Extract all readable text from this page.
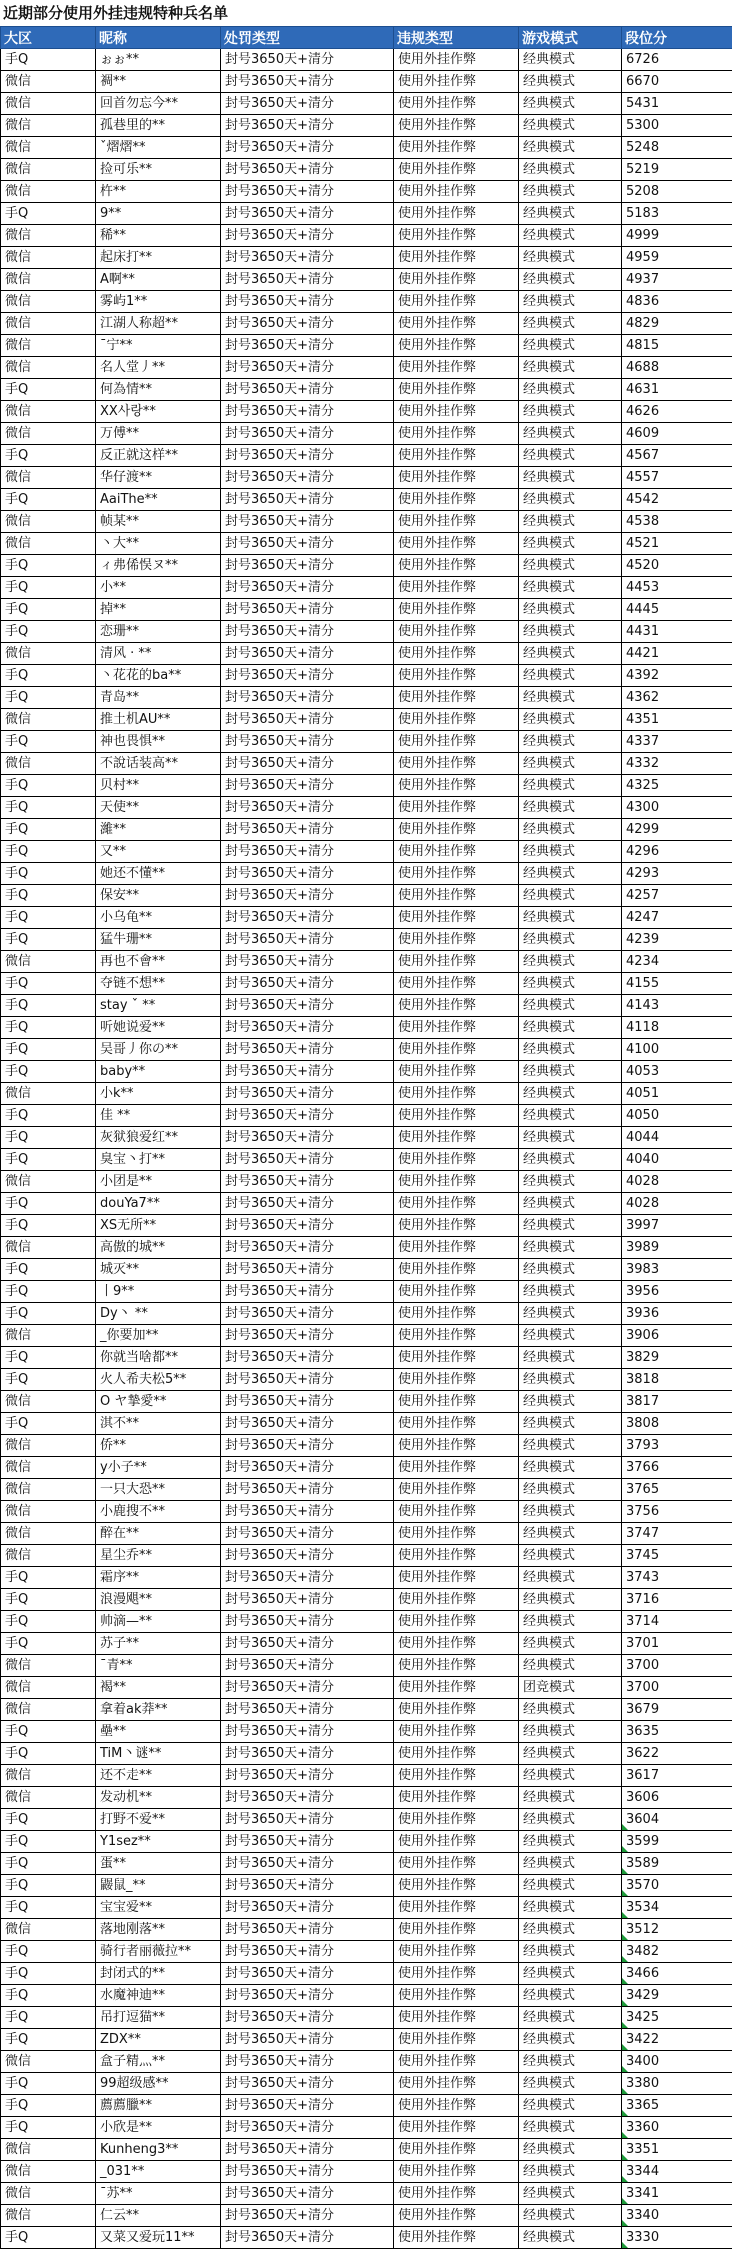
近期部分使用外挂违规特种兵名单
大区	昵称	处罚类型	违规类型	游戏模式	段位分
手Q	ぉぉ**	封号3650天+清分	使用外挂作弊	经典模式	6726
微信	裯**	封号3650天+清分	使用外挂作弊	经典模式	6670
微信	回首勿忘今**	封号3650天+清分	使用外挂作弊	经典模式	5431
微信	孤巷里的**	封号3650天+清分	使用外挂作弊	经典模式	5300
微信	ˇ熠熠**	封号3650天+清分	使用外挂作弊	经典模式	5248
微信	捡可乐**	封号3650天+清分	使用外挂作弊	经典模式	5219
微信	杵**	封号3650天+清分	使用外挂作弊	经典模式	5208
手Q	9**	封号3650天+清分	使用外挂作弊	经典模式	5183
微信	稀**	封号3650天+清分	使用外挂作弊	经典模式	4999
微信	起床打**	封号3650天+清分	使用外挂作弊	经典模式	4959
微信	A啊**	封号3650天+清分	使用外挂作弊	经典模式	4937
微信	雾屿1**	封号3650天+清分	使用外挂作弊	经典模式	4836
微信	江湖人称超**	封号3650天+清分	使用外挂作弊	经典模式	4829
微信	ˉ宁**	封号3650天+清分	使用外挂作弊	经典模式	4815
微信	名人堂丿**	封号3650天+清分	使用外挂作弊	经典模式	4688
手Q	何為情**	封号3650天+清分	使用外挂作弊	经典模式	4631
微信	XX사랑**	封号3650天+清分	使用外挂作弊	经典模式	4626
微信	万傅**	封号3650天+清分	使用外挂作弊	经典模式	4609
手Q	反正就这样**	封号3650天+清分	使用外挂作弊	经典模式	4567
微信	华仔渡**	封号3650天+清分	使用外挂作弊	经典模式	4557
手Q	AaiThe**	封号3650天+清分	使用外挂作弊	经典模式	4542
微信	帧某**	封号3650天+清分	使用外挂作弊	经典模式	4538
微信	丶大**	封号3650天+清分	使用外挂作弊	经典模式	4521
手Q	ィ弗俙悮ヌ**	封号3650天+清分	使用外挂作弊	经典模式	4520
手Q	小**	封号3650天+清分	使用外挂作弊	经典模式	4453
手Q	掉**	封号3650天+清分	使用外挂作弊	经典模式	4445
手Q	恋珊**	封号3650天+清分	使用外挂作弊	经典模式	4431
微信	清风 · **	封号3650天+清分	使用外挂作弊	经典模式	4421
手Q	丶花花的ba**	封号3650天+清分	使用外挂作弊	经典模式	4392
手Q	青岛**	封号3650天+清分	使用外挂作弊	经典模式	4362
微信	推土机AU**	封号3650天+清分	使用外挂作弊	经典模式	4351
手Q	神也畏惧**	封号3650天+清分	使用外挂作弊	经典模式	4337
微信	不說话装高**	封号3650天+清分	使用外挂作弊	经典模式	4332
手Q	贝村**	封号3650天+清分	使用外挂作弊	经典模式	4325
手Q	天使**	封号3650天+清分	使用外挂作弊	经典模式	4300
手Q	濰**	封号3650天+清分	使用外挂作弊	经典模式	4299
手Q	又**	封号3650天+清分	使用外挂作弊	经典模式	4296
手Q	她还不懂**	封号3650天+清分	使用外挂作弊	经典模式	4293
手Q	保安**	封号3650天+清分	使用外挂作弊	经典模式	4257
手Q	小乌龟**	封号3650天+清分	使用外挂作弊	经典模式	4247
手Q	猛牛珊**	封号3650天+清分	使用外挂作弊	经典模式	4239
微信	再也不會**	封号3650天+清分	使用外挂作弊	经典模式	4234
手Q	夺链不想**	封号3650天+清分	使用外挂作弊	经典模式	4155
手Q	stay ˇ **	封号3650天+清分	使用外挂作弊	经典模式	4143
手Q	听她说爱**	封号3650天+清分	使用外挂作弊	经典模式	4118
手Q	吴哥丿你の**	封号3650天+清分	使用外挂作弊	经典模式	4100
手Q	baby**	封号3650天+清分	使用外挂作弊	经典模式	4053
微信	小k**	封号3650天+清分	使用外挂作弊	经典模式	4051
手Q	佳 **	封号3650天+清分	使用外挂作弊	经典模式	4050
手Q	灰狱狼爱红**	封号3650天+清分	使用外挂作弊	经典模式	4044
手Q	臭宝丶打**	封号3650天+清分	使用外挂作弊	经典模式	4040
微信	小团是**	封号3650天+清分	使用外挂作弊	经典模式	4028
手Q	douYa7**	封号3650天+清分	使用外挂作弊	经典模式	4028
手Q	XS无所**	封号3650天+清分	使用外挂作弊	经典模式	3997
微信	高傲的城**	封号3650天+清分	使用外挂作弊	经典模式	3989
手Q	城灭**	封号3650天+清分	使用外挂作弊	经典模式	3983
手Q	丨9**	封号3650天+清分	使用外挂作弊	经典模式	3956
手Q	Dy丶 **	封号3650天+清分	使用外挂作弊	经典模式	3936
微信	_你要加**	封号3650天+清分	使用外挂作弊	经典模式	3906
手Q	你就当啥都**	封号3650天+清分	使用外挂作弊	经典模式	3829
手Q	火人希夫松5**	封号3650天+清分	使用外挂作弊	经典模式	3818
微信	O ヤ摯愛**	封号3650天+清分	使用外挂作弊	经典模式	3817
手Q	淇不**	封号3650天+清分	使用外挂作弊	经典模式	3808
微信	侨**	封号3650天+清分	使用外挂作弊	经典模式	3793
微信	y小子**	封号3650天+清分	使用外挂作弊	经典模式	3766
微信	一只大恐**	封号3650天+清分	使用外挂作弊	经典模式	3765
微信	小鹿搜不**	封号3650天+清分	使用外挂作弊	经典模式	3756
微信	醉在**	封号3650天+清分	使用外挂作弊	经典模式	3747
微信	星尘乔**	封号3650天+清分	使用外挂作弊	经典模式	3745
手Q	霜序**	封号3650天+清分	使用外挂作弊	经典模式	3743
手Q	浪漫飓**	封号3650天+清分	使用外挂作弊	经典模式	3716
手Q	帅滴—**	封号3650天+清分	使用外挂作弊	经典模式	3714
手Q	苏子**	封号3650天+清分	使用外挂作弊	经典模式	3701
微信	ˉ青**	封号3650天+清分	使用外挂作弊	经典模式	3700
微信	褐**	封号3650天+清分	使用外挂作弊	团竞模式	3700
微信	拿着ak莽**	封号3650天+清分	使用外挂作弊	经典模式	3679
手Q	壘**	封号3650天+清分	使用外挂作弊	经典模式	3635
手Q	TiM丶谜**	封号3650天+清分	使用外挂作弊	经典模式	3622
微信	还不走**	封号3650天+清分	使用外挂作弊	经典模式	3617
微信	发动机**	封号3650天+清分	使用外挂作弊	经典模式	3606
手Q	打野不爱**	封号3650天+清分	使用外挂作弊	经典模式	3604

手Q	Y1sez**	封号3650天+清分	使用外挂作弊	经典模式	3599

手Q	蛋**	封号3650天+清分	使用外挂作弊	经典模式	3589

手Q	鼹鼠_**	封号3650天+清分	使用外挂作弊	经典模式	3570

手Q	宝宝爱**	封号3650天+清分	使用外挂作弊	经典模式	3534

微信	落地刚落**	封号3650天+清分	使用外挂作弊	经典模式	3512

手Q	骑行者丽薇拉**	封号3650天+清分	使用外挂作弊	经典模式	3482

手Q	封闭式的**	封号3650天+清分	使用外挂作弊	经典模式	3466

手Q	水魔神迪**	封号3650天+清分	使用外挂作弊	经典模式	3429

手Q	吊打逗猫**	封号3650天+清分	使用外挂作弊	经典模式	3425

手Q	ZDX**	封号3650天+清分	使用外挂作弊	经典模式	3422

微信	盒子精灬**	封号3650天+清分	使用外挂作弊	经典模式	3400

手Q	99超级感**	封号3650天+清分	使用外挂作弊	经典模式	3380

手Q	薦薦臘**	封号3650天+清分	使用外挂作弊	经典模式	3365

手Q	小欣是**	封号3650天+清分	使用外挂作弊	经典模式	3360

微信	Kunheng3**	封号3650天+清分	使用外挂作弊	经典模式	3351

微信	_031**	封号3650天+清分	使用外挂作弊	经典模式	3344

微信	ˉ苏**	封号3650天+清分	使用外挂作弊	经典模式	3341

微信	仁云**	封号3650天+清分	使用外挂作弊	经典模式	3340

手Q	又菜又爱玩11**	封号3650天+清分	使用外挂作弊	经典模式	3330
